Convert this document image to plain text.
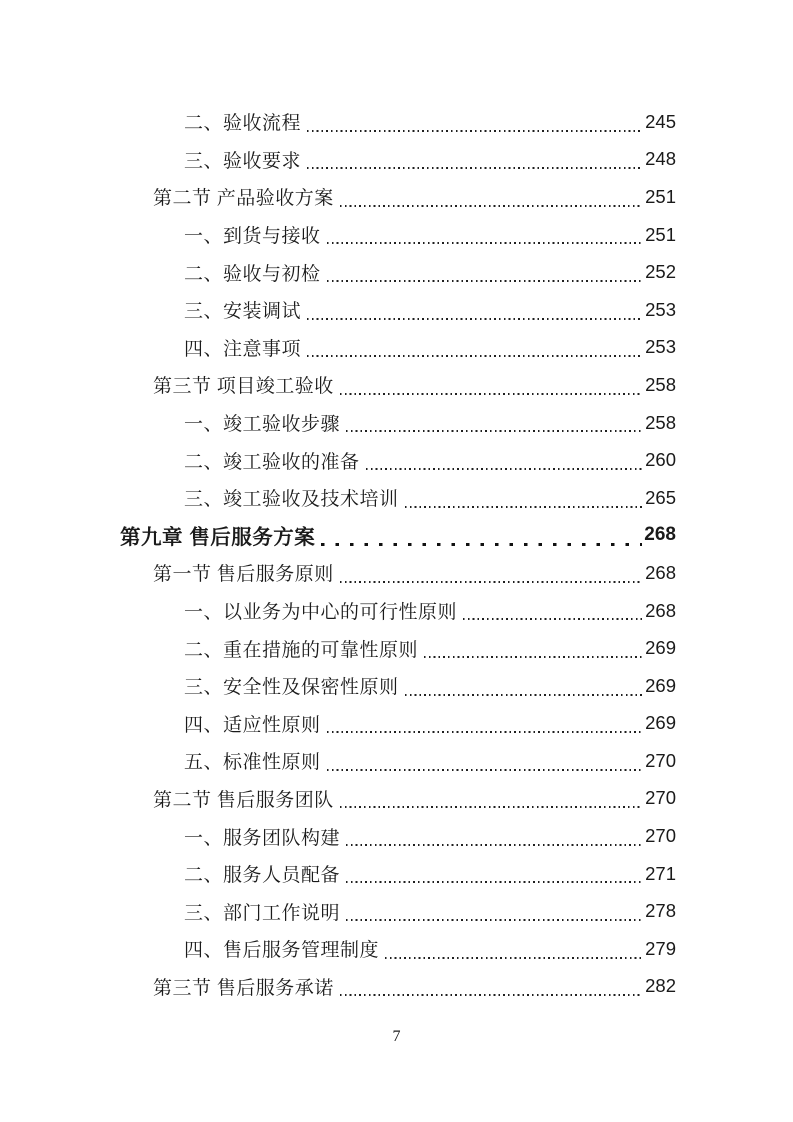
二、验收流程	245
三、验收要求	248
第二节 产品验收方案	251
一、到货与接收	251
二、验收与初检	252
三、安装调试	253
四、注意事项	253
第三节 项目竣工验收	258
一、竣工验收步骤	258
二、竣工验收的准备	260
三、竣工验收及技术培训	265
第九章 售后服务方案	268
第一节 售后服务原则	268
一、以业务为中心的可行性原则	268
二、重在措施的可靠性原则	269
三、安全性及保密性原则	269
四、适应性原则	269
五、标准性原则	270
第二节 售后服务团队	270
一、服务团队构建	270
二、服务人员配备	271
三、部门工作说明	278
四、售后服务管理制度	279
第三节 售后服务承诺	282
7
